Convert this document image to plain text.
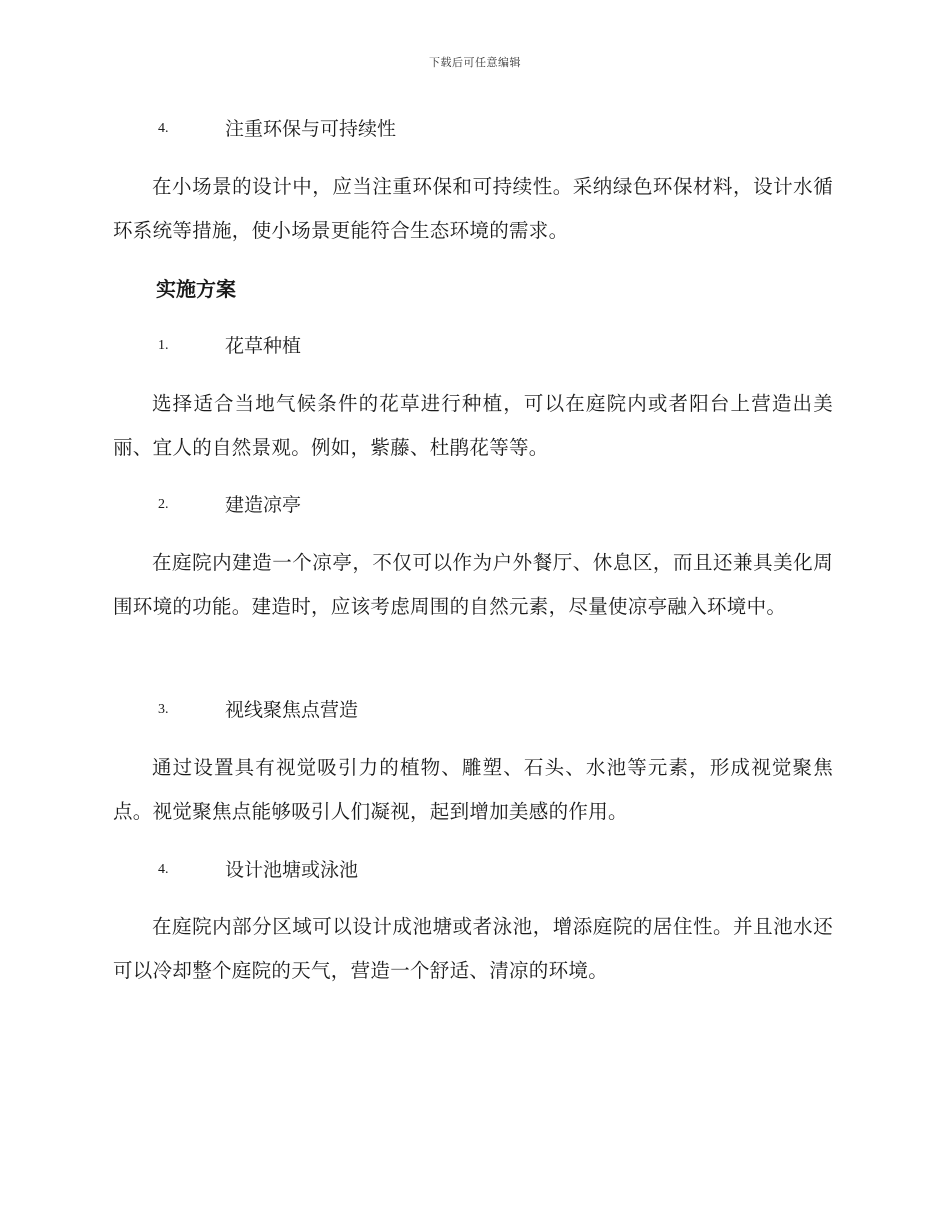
下载后可任意编辑
4.	注重环保与可持续性
在小场景的设计中，应当注重环保和可持续性。采纳绿色环保材料，设计水循环系统等措施，使小场景更能符合生态环境的需求。
实施方案
1.	花草种植
选择适合当地气候条件的花草进行种植，可以在庭院内或者阳台上营造出美丽、宜人的自然景观。例如，紫藤、杜鹃花等等。
2.	建造凉亭
在庭院内建造一个凉亭，不仅可以作为户外餐厅、休息区，而且还兼具美化周围环境的功能。建造时，应该考虑周围的自然元素，尽量使凉亭融入环境中。
3.	视线聚焦点营造
通过设置具有视觉吸引力的植物、雕塑、石头、水池等元素，形成视觉聚焦点。视觉聚焦点能够吸引人们凝视，起到增加美感的作用。
4.	设计池塘或泳池
在庭院内部分区域可以设计成池塘或者泳池，增添庭院的居住性。并且池水还可以冷却整个庭院的天气，营造一个舒适、清凉的环境。
